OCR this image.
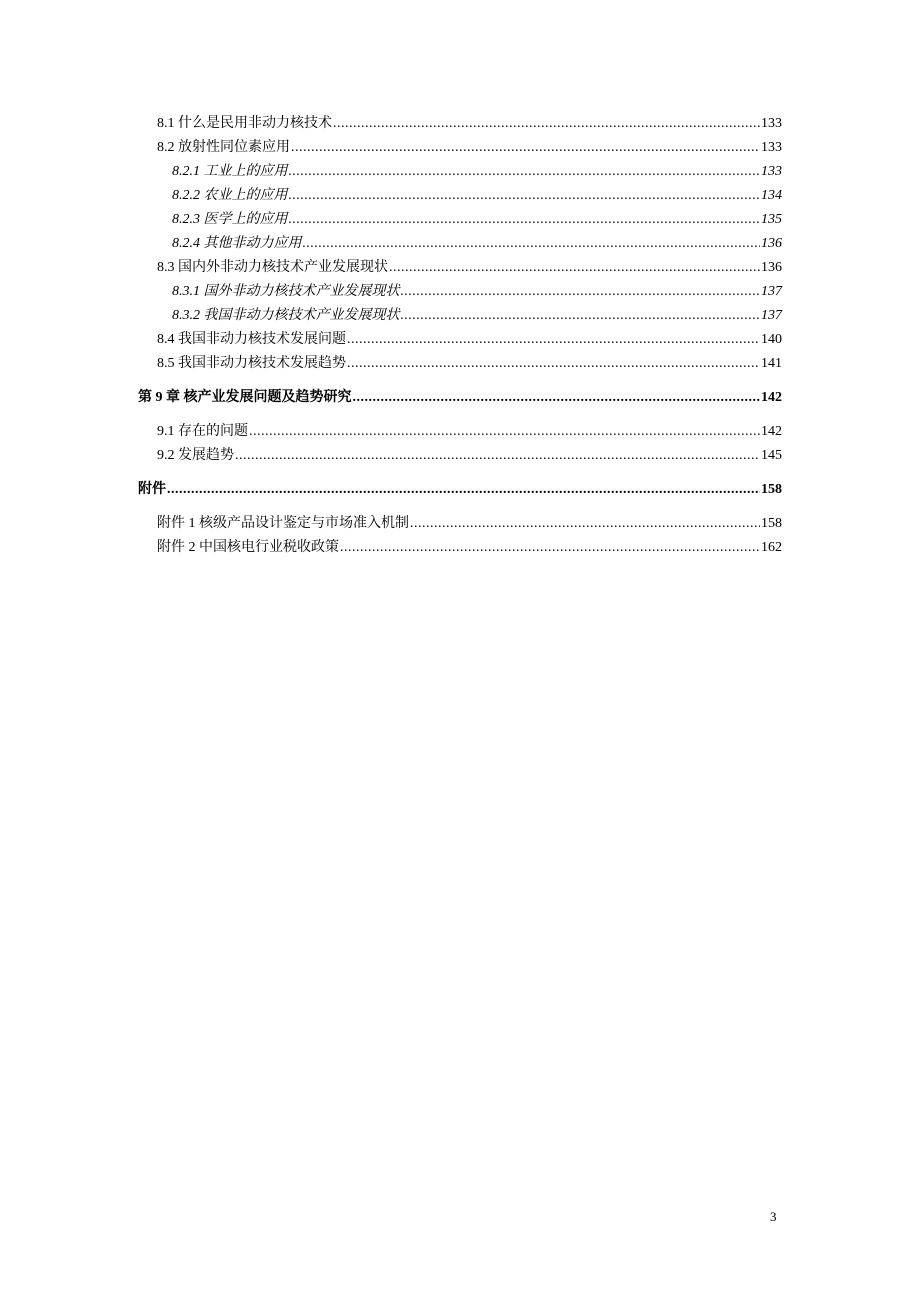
8.1 什么是民用非动力核技术 .....	133
8.2 放射性同位素应用 .....	133
8.2.1 工业上的应用 .....	133
8.2.2 农业上的应用 .....	134
8.2.3 医学上的应用 .....	135
8.2.4 其他非动力应用 .....	136
8.3 国内外非动力核技术产业发展现状 .....	136
8.3.1 国外非动力核技术产业发展现状 .....	137
8.3.2 我国非动力核技术产业发展现状 .....	137
8.4 我国非动力核技术发展问题 .....	140
8.5 我国非动力核技术发展趋势 .....	141
第 9 章 核产业发展问题及趋势研究 .....	142
9.1 存在的问题 .....	142
9.2 发展趋势 .....	145
附件 .....	158
附件 1 核级产品设计鉴定与市场准入机制 .....	158
附件 2 中国核电行业税收政策 .....	162
3
